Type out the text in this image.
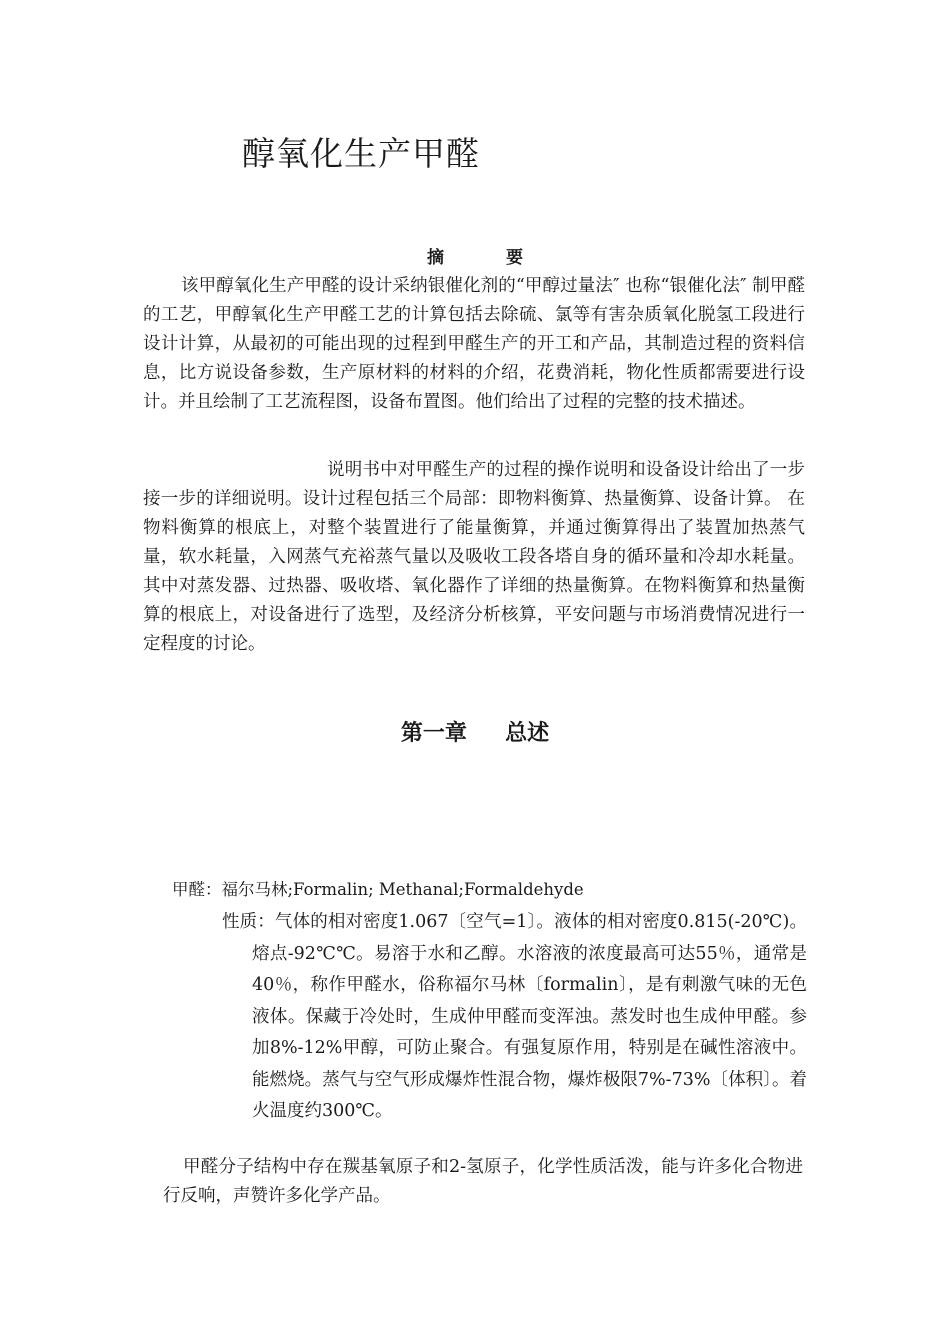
醇氧化生产甲醛
摘 要

该甲醇氧化生产甲醛的设计采纳银催化剂的“甲醇过量法″ 也称“银催化法″ 制甲醛的工艺，甲醇氧化生产甲醛工艺的计算包括去除硫、氯等有害杂质氧化脱氢工段进行设计计算，从最初的可能出现的过程到甲醛生产的开工和产品，其制造过程的资料信息，比方说设备参数，生产原材料的材料的介绍，花费消耗，物化性质都需要进行设计。并且绘制了工艺流程图，设备布置图。他们给出了过程的完整的技术描述。

说明书中对甲醛生产的过程的操作说明和设备设计给出了一步接一步的详细说明。设计过程包括三个局部：即物料衡算、热量衡算、设备计算。 在物料衡算的根底上，对整个装置进行了能量衡算，并通过衡算得出了装置加热蒸气量，软水耗量，入网蒸气充裕蒸气量以及吸收工段各塔自身的循环量和冷却水耗量。其中对蒸发器、过热器、吸收塔、氧化器作了详细的热量衡算。在物料衡算和热量衡算的根底上，对设备进行了选型，及经济分析核算，平安问题与市场消费情况进行一定程度的讨论。

第一章     总述
甲醛：福尔马林;Formalin; Methanal;Formaldehyde

性质：气体的相对密度1.067〔空气=1〕。液体的相对密度0.815(-20℃)。熔点-92℃℃。易溶于水和乙醇。水溶液的浓度最高可达55％，通常是40％，称作甲醛水，俗称福尔马林〔formalin〕，是有刺激气味的无色液体。保藏于冷处时，生成仲甲醛而变浑浊。蒸发时也生成仲甲醛。参加8%-12%甲醇，可防止聚合。有强复原作用，特别是在碱性溶液中。能燃烧。蒸气与空气形成爆炸性混合物，爆炸极限7%-73%〔体积〕。着火温度约300℃。

甲醛分子结构中存在羰基氧原子和2-氢原子，化学性质活泼，能与许多化合物进行反响，声赞许多化学产品。
